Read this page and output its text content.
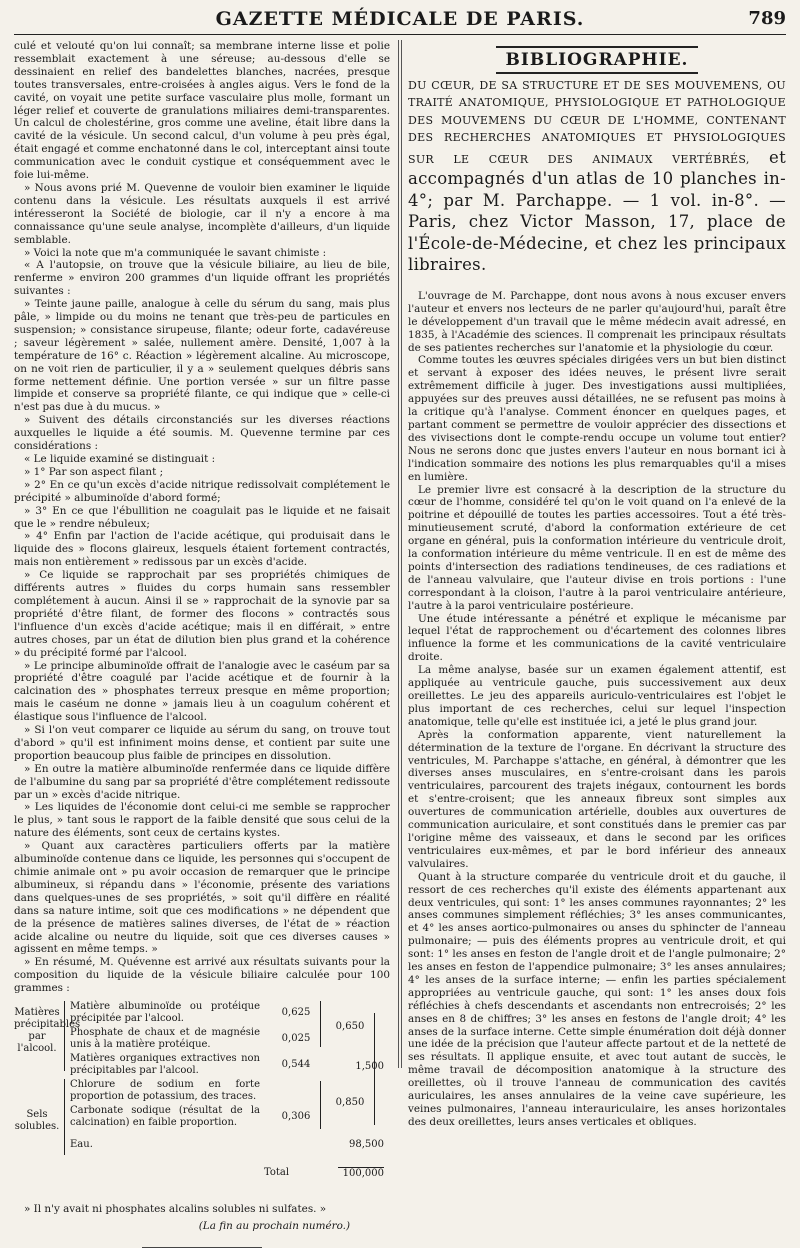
GAZETTE MÉDICALE DE PARIS.	789

culé et velouté qu'on lui connaît; sa membrane interne lisse et polie ressemblait exactement à une séreuse; au-dessous d'elle se dessinaient en relief des bandelettes blanches, nacrées, presque toutes transversales, entre-croisées à angles aigus. Vers le fond de la cavité, on voyait une petite surface vasculaire plus molle, formant un léger relief et couverte de granulations miliaires demi-transparentes. Un calcul de cholestérine, gros comme une aveline, était libre dans la cavité de la vésicule. Un second calcul, d'un volume à peu près égal, était engagé et comme enchatonné dans le col, interceptant ainsi toute communication avec le conduit cystique et conséquemment avec le foie lui-même.

» Nous avons prié M. Quevenne de vouloir bien examiner le liquide contenu dans la vésicule. Les résultats auxquels il est arrivé intéresseront la Société de biologie, car il n'y a encore à ma connaissance qu'une seule analyse, incomplète d'ailleurs, d'un liquide semblable.

» Voici la note que m'a communiquée le savant chimiste :

« A l'autopsie, on trouve que la vésicule biliaire, au lieu de bile, renferme » environ 200 grammes d'un liquide offrant les propriétés suivantes :

» Teinte jaune paille, analogue à celle du sérum du sang, mais plus pâle, » limpide ou du moins ne tenant que très-peu de particules en suspension; » consistance sirupeuse, filante; odeur forte, cadavéreuse ; saveur légèrement » salée, nullement amère. Densité, 1,007 à la température de 16° c. Réaction » légèrement alcaline. Au microscope, on ne voit rien de particulier, il y a » seulement quelques débris sans forme nettement définie. Une portion versée » sur un filtre passe limpide et conserve sa propriété filante, ce qui indique que » celle-ci n'est pas due à du mucus. »

» Suivent des détails circonstanciés sur les diverses réactions auxquelles le liquide a été soumis. M. Quevenne termine par ces considérations :

« Le liquide examiné se distinguait :

» 1° Par son aspect filant ;

» 2° En ce qu'un excès d'acide nitrique redissolvait complétement le précipité » albuminoïde d'abord formé;

» 3° En ce que l'ébullition ne coagulait pas le liquide et ne faisait que le » rendre nébuleux;

» 4° Enfin par l'action de l'acide acétique, qui produisait dans le liquide des » flocons glaireux, lesquels étaient fortement contractés, mais non entièrement » redissous par un excès d'acide.

» Ce liquide se rapprochait par ses propriétés chimiques de différents autres » fluides du corps humain sans ressembler complétement à aucun. Ainsi il se » rapprochait de la synovie par sa propriété d'être filant, de former des flocons » contractés sous l'influence d'un excès d'acide acétique; mais il en différait, » entre autres choses, par un état de dilution bien plus grand et la cohérence » du précipité formé par l'alcool.

» Le principe albuminoïde offrait de l'analogie avec le caséum par sa propriété d'être coagulé par l'acide acétique et de fournir à la calcination des » phosphates terreux presque en même proportion; mais le caséum ne donne » jamais lieu à un coagulum cohérent et élastique sous l'influence de l'alcool.

» Si l'on veut comparer ce liquide au sérum du sang, on trouve tout d'abord » qu'il est infiniment moins dense, et contient par suite une proportion beaucoup plus faible de principes en dissolution.

» En outre la matière albuminoïde renfermée dans ce liquide diffère de l'albumine du sang par sa propriété d'être complétement redissoute par un » excès d'acide nitrique.

» Les liquides de l'économie dont celui-ci me semble se rapprocher le plus, » tant sous le rapport de la faible densité que sous celui de la nature des éléments, sont ceux de certains kystes.

» Quant aux caractères particuliers offerts par la matière albuminoïde contenue dans ce liquide, les personnes qui s'occupent de chimie animale ont » pu avoir occasion de remarquer que le principe albumineux, si répandu dans » l'économie, présente des variations dans quelques-unes de ses propriétés, » soit qu'il diffère en réalité dans sa nature intime, soit que ces modifications » ne dépendent que de la présence de matières salines diverses, de l'état de » réaction acide alcaline ou neutre du liquide, soit que ces diverses causes » agissent en même temps. »

» En résumé, M. Quévenne est arrivé aux résultats suivants pour la composition du liquide de la vésicule biliaire calculée pour 100 grammes :

Matières précipitables par l'alcool.
Sels solubles.
Matière albuminoïde ou protéique précipitée par l'alcool.
Phosphate de chaux et de magnésie unis à la matière protéique.
Matières organiques extractives non précipitables par l'alcool.
Chlorure de sodium en forte proportion de potassium, des traces.
Carbonate sodique (résultat de la calcination) en faible proportion.
Eau.
0,625
0,025
0,544
0,306
0,650
0,850
1,500
98,500
Total	100,000

» Il n'y avait ni phosphates alcalins solubles ni sulfates. »

(La fin au prochain numéro.)
BIBLIOGRAPHIE.
DU CŒUR, DE SA STRUCTURE ET DE SES MOUVEMENS, OU TRAITÉ ANATOMIQUE, PHYSIOLOGIQUE ET PATHOLOGIQUE DES MOUVEMENS DU CŒUR DE L'HOMME, CONTENANT DES RECHERCHES ANATOMIQUES ET PHYSIOLOGIQUES SUR LE CŒUR DES ANIMAUX VERTÉBRÉS, et accompagnés d'un atlas de 10 planches in-4°; par M. Parchappe. — 1 vol. in-8°. — Paris, chez Victor Masson, 17, place de l'École-de-Médecine, et chez les principaux libraires.

L'ouvrage de M. Parchappe, dont nous avons à nous excuser envers l'auteur et envers nos lecteurs de ne parler qu'aujourd'hui, paraît être le développement d'un travail que le même médecin avait adressé, en 1835, à l'Académie des sciences. Il comprenait les principaux résultats de ses patientes recherches sur l'anatomie et la physiologie du cœur.

Comme toutes les œuvres spéciales dirigées vers un but bien distinct et servant à exposer des idées neuves, le présent livre serait extrêmement difficile à juger. Des investigations aussi multipliées, appuyées sur des preuves aussi détaillées, ne se refusent pas moins à la critique qu'à l'analyse. Comment énoncer en quelques pages, et partant comment se permettre de vouloir apprécier des dissections et des vivisections dont le compte-rendu occupe un volume tout entier? Nous ne serons donc que justes envers l'auteur en nous bornant ici à l'indication sommaire des notions les plus remarquables qu'il a mises en lumière.

Le premier livre est consacré à la description de la structure du cœur de l'homme, considéré tel qu'on le voit quand on l'a enlevé de la poitrine et dépouillé de toutes les parties accessoires. Tout a été très-minutieusement scruté, d'abord la conformation extérieure de cet organe en général, puis la conformation intérieure du ventricule droit, la conformation intérieure du même ventricule. Il en est de même des points d'intersection des radiations tendineuses, de ces radiations et de l'anneau valvulaire, que l'auteur divise en trois portions : l'une correspondant à la cloison, l'autre à la paroi ventriculaire antérieure, l'autre à la paroi ventriculaire postérieure.

Une étude intéressante a pénétré et explique le mécanisme par lequel l'état de rapprochement ou d'écartement des colonnes libres influence la forme et les communications de la cavité ventriculaire droite.

La même analyse, basée sur un examen également attentif, est appliquée au ventricule gauche, puis successivement aux deux oreillettes. Le jeu des appareils auriculo-ventriculaires est l'objet le plus important de ces recherches, celui sur lequel l'inspection anatomique, telle qu'elle est instituée ici, a jeté le plus grand jour.

Après la conformation apparente, vient naturellement la détermination de la texture de l'organe. En décrivant la structure des ventricules, M. Parchappe s'attache, en général, à démontrer que les diverses anses musculaires, en s'entre-croisant dans les parois ventriculaires, parcourent des trajets inégaux, contournent les bords et s'entre-croisent; que les anneaux fibreux sont simples aux ouvertures de communication artérielle, doubles aux ouvertures de communication auriculaire, et sont constitués dans le premier cas par l'origine même des vaisseaux, et dans le second par les orifices ventriculaires eux-mêmes, et par le bord inférieur des anneaux valvulaires.

Quant à la structure comparée du ventricule droit et du gauche, il ressort de ces recherches qu'il existe des éléments appartenant aux deux ventricules, qui sont: 1° les anses communes rayonnantes; 2° les anses communes simplement réfléchies; 3° les anses communicantes, et 4° les anses aortico-pulmonaires ou anses du sphincter de l'anneau pulmonaire; — puis des éléments propres au ventricule droit, et qui sont: 1° les anses en feston de l'angle droit et de l'angle pulmonaire; 2° les anses en feston de l'appendice pulmonaire; 3° les anses annulaires; 4° les anses de la surface interne; — enfin les parties spécialement appropriées au ventricule gauche, qui sont: 1° les anses doux fois réfléchies à chefs descendants et ascendants non entrecroisés; 2° les anses en 8 de chiffres; 3° les anses en festons de l'angle droit; 4° les anses de la surface interne. Cette simple énumération doit déjà donner une idée de la précision que l'auteur affecte partout et de la netteté de ses résultats. Il applique ensuite, et avec tout autant de succès, le même travail de décomposition anatomique à la structure des oreillettes, où il trouve l'anneau de communication des cavités auriculaires, les anses annulaires de la veine cave supérieure, les veines pulmonaires, l'anneau interauriculaire, les anses horizontales des deux oreillettes, leurs anses verticales et obliques.
